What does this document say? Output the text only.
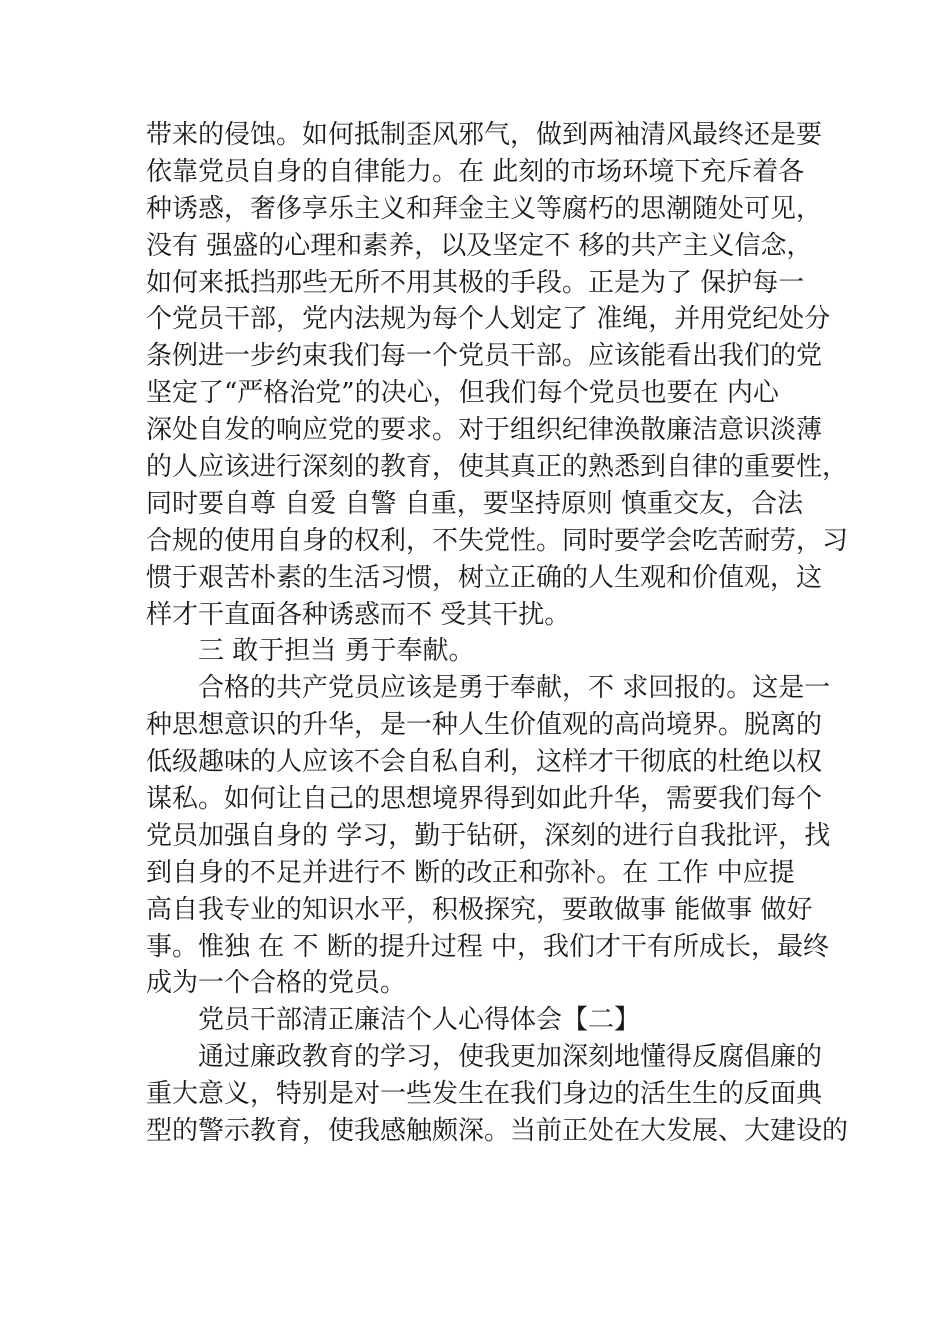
带来的侵蚀。如何抵制歪风邪气，做到两袖清风最终还是要
依靠党员自身的自律能力。在 此刻的市场环境下充斥着各
种诱惑，奢侈享乐主义和拜金主义等腐朽的思潮随处可见，
没有 强盛的心理和素养，以及坚定不 移的共产主义信念，
如何来抵挡那些无所不用其极的手段。正是为了 保护每一
个党员干部，党内法规为每个人划定了 准绳，并用党纪处分
条例进一步约束我们每一个党员干部。应该能看出我们的党
坚定了“严格治党”的决心，但我们每个党员也要在 内心
深处自发的响应党的要求。对于组织纪律涣散廉洁意识淡薄
的人应该进行深刻的教育，使其真正的熟悉到自律的重要性，
同时要自尊 自爱 自警 自重，要坚持原则 慎重交友，合法
合规的使用自身的权利，不失党性。同时要学会吃苦耐劳，习
惯于艰苦朴素的生活习惯，树立正确的人生观和价值观，这
样才干直面各种诱惑而不 受其干扰。
三 敢于担当 勇于奉献。
合格的共产党员应该是勇于奉献，不 求回报的。这是一
种思想意识的升华，是一种人生价值观的高尚境界。脱离的
低级趣味的人应该不会自私自利，这样才干彻底的杜绝以权
谋私。如何让自己的思想境界得到如此升华，需要我们每个
党员加强自身的 学习，勤于钻研，深刻的进行自我批评，找
到自身的不足并进行不 断的改正和弥补。在 工作 中应提
高自我专业的知识水平，积极探究，要敢做事 能做事 做好
事。惟独 在 不 断的提升过程 中，我们才干有所成长，最终
成为一个合格的党员。
党员干部清正廉洁个人心得体会【二】
通过廉政教育的学习，使我更加深刻地懂得反腐倡廉的
重大意义，特别是对一些发生在我们身边的活生生的反面典
型的警示教育，使我感触颇深。当前正处在大发展、大建设的
